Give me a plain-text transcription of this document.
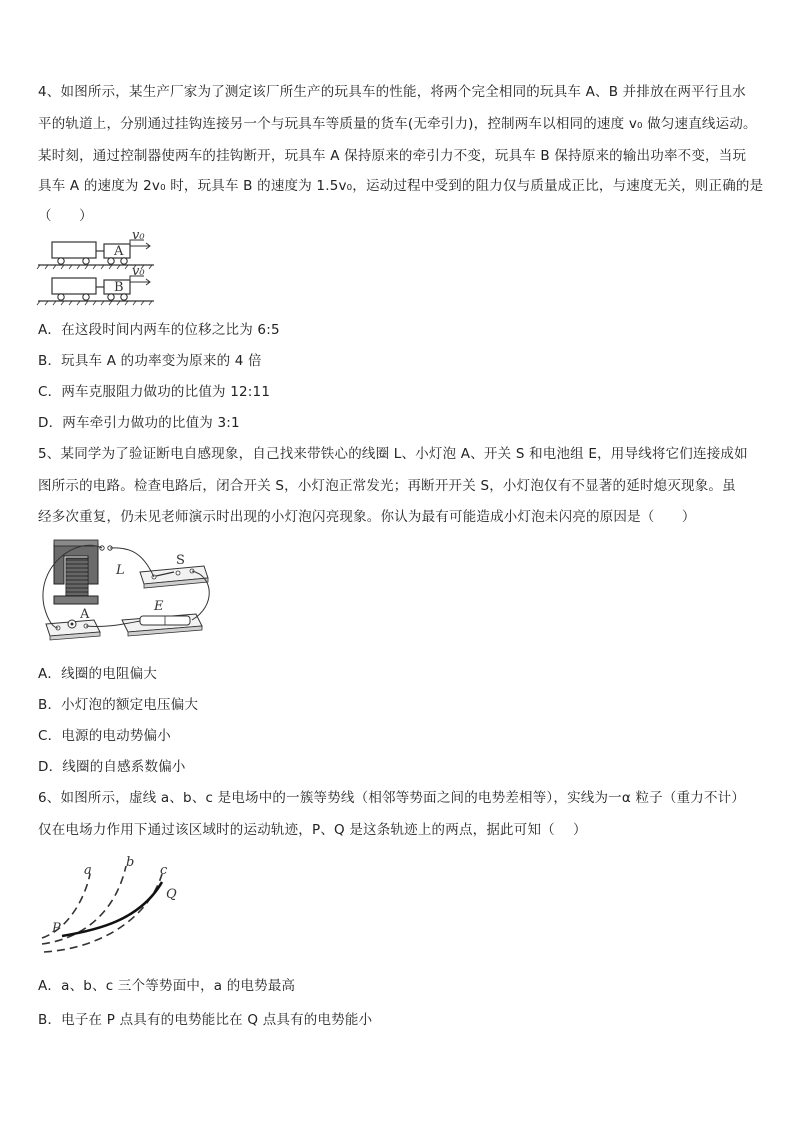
4、如图所示，某生产厂家为了测定该厂所生产的玩具车的性能，将两个完全相同的玩具车 A、B 并排放在两平行且水
平的轨道上，分别通过挂钩连接另一个与玩具车等质量的货车(无牵引力)，控制两车以相同的速度 v₀ 做匀速直线运动。
某时刻，通过控制器使两车的挂钩断开，玩具车 A 保持原来的牵引力不变，玩具车 B 保持原来的输出功率不变，当玩
具车 A 的速度为 2v₀ 时，玩具车 B 的速度为 1.5v₀，运动过程中受到的阻力仅与质量成正比，与速度无关，则正确的是
（　　）
A
v₀
B
v₀
A．在这段时间内两车的位移之比为 6:5
B．玩具车 A 的功率变为原来的 4 倍
C．两车克服阻力做功的比值为 12:11
D．两车牵引力做功的比值为 3:1
5、某同学为了验证断电自感现象，自己找来带铁心的线圈 L、小灯泡 A、开关 S 和电池组 E，用导线将它们连接成如
图所示的电路。检查电路后，闭合开关 S，小灯泡正常发光；再断开开关 S，小灯泡仅有不显著的延时熄灭现象。虽
经多次重复，仍未见老师演示时出现的小灯泡闪亮现象。你认为最有可能造成小灯泡未闪亮的原因是（　　）
L
S
E
A
A．线圈的电阻偏大
B．小灯泡的额定电压偏大
C．电源的电动势偏小
D．线圈的自感系数偏小
6、如图所示，虚线 a、b、c 是电场中的一簇等势线（相邻等势面之间的电势差相等），实线为一α 粒子（重力不计）
仅在电场力作用下通过该区域时的运动轨迹，P、Q 是这条轨迹上的两点，据此可知（　 ）
a
b
c
P
Q
A．a、b、c 三个等势面中，a 的电势最高
B．电子在 P 点具有的电势能比在 Q 点具有的电势能小
